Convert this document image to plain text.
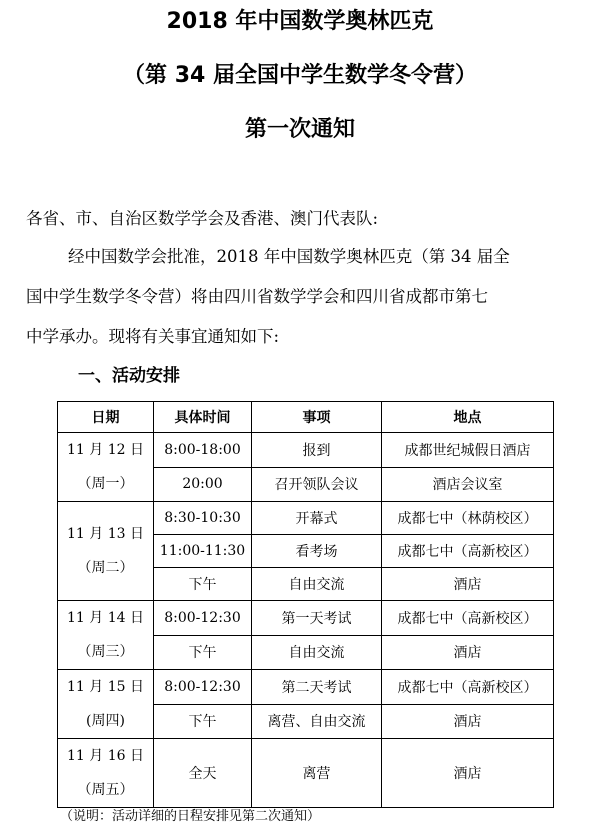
2018 年中国数学奥林匹克
（第 34 届全国中学生数学冬令营）
第一次通知
各省、市、自治区数学学会及香港、澳门代表队:
经中国数学会批准，2018 年中国数学奥林匹克（第 34 届全
国中学生数学冬令营）将由四川省数学学会和四川省成都市第七
中学承办。现将有关事宜通知如下:
一、活动安排
日期	具体时间	事项	地点

11 月 12 日
（周一）	8:00-18:00	报到	成都世纪城假日酒店
	20:00	召开领队会议	酒店会议室

11 月 13 日
（周二）	8:30-10:30	开幕式	成都七中（林荫校区）
	11:00-11:30	看考场	成都七中（高新校区）
	下午	自由交流	酒店

11 月 14 日
（周三）	8:00-12:30	第一天考试	成都七中（高新校区）
	下午	自由交流	酒店

11 月 15 日
(周四)	8:00-12:30	第二天考试	成都七中（高新校区）
	下午	离营、自由交流	酒店

11 月 16 日
（周五）	全天	离营	酒店
（说明：活动详细的日程安排见第二次通知）
